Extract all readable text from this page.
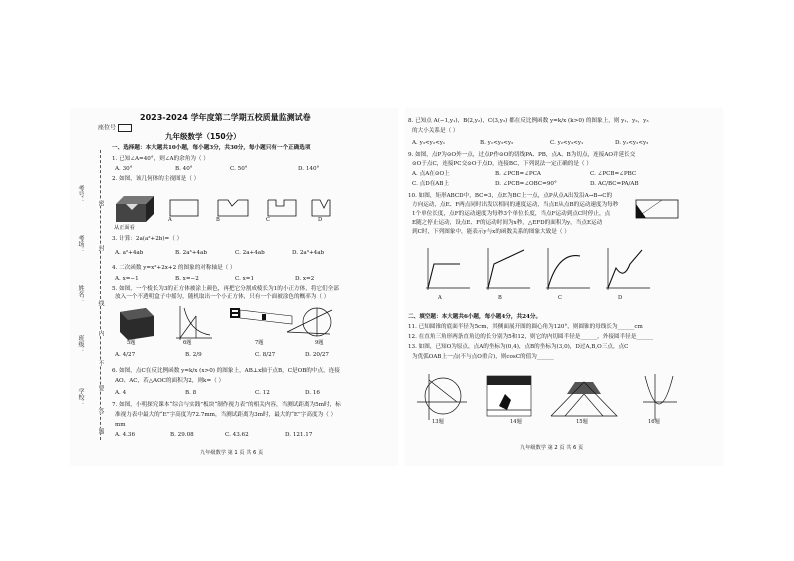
2023-2024 学年度第二学期五校质量监测试卷
座位号
九年级数学（150分）
考号：
考场：
姓名：
班级：
学校：
密
封
线
内
不
要
答
题
一、选择题：本大题共10小题，每小题3分，共30分，每小题只有一个正确选项
1. 已知∠A=40°，则∠A的余角为（ ）
A. 30°	B. 40°	C. 50°	D. 140°
2. 如图，该几何体的主视图是（ ）
从正面看
A	B	C	D
3. 计算：2a(a²+2b)=（ ）
A. a²+4ab	B. 2a³+4ab	C. 2a+4ab	D. 2a³+4ab
4. 二次函数 y=x²+2x+2 的图象的对称轴是（ ）
A. x=−1	B. x=−2	C. x=1	D. x=2
5. 如图，一个棱长为3的正方体被涂上颜色，再把它分割成棱长为1的小正方体，将它们全部
放入一个不透明盒子中摇匀，随机取出一个小正方体，只有一个面被涂色的概率为（ ）
5题	6题	7题	9题
A. 4/27	B. 2/9	C. 8/27	D. 20/27
6. 如图，点C在反比例函数 y=k/x (x>0) 的图象上，AB⊥x轴于点B，C是OB的中点，连接
AO、AC，若△AOC的面积为2，则k=（ ）
A. 4	B. 8	C. 12	D. 16
7. 如图，小明探究课本“综合与实践”板块“制作视力表”的相关内容，当测试距离为5m时，标
准视力表中最大的“E”字高度为72.7mm，当测试距离为3m时，最大的“E”字高度为（ ）
mm
A. 4.36	B. 29.08	C. 43.62	D. 121.17
九年级数学 第 1 页 共 6 页
8. 已知点 A(−1,y₁)，B(2,y₂)，C(3,y₃) 都在反比例函数 y=k/x (k>0) 的图象上，则 y₁，y₂，y₃
的大小关系是（ ）
A. y₃<y₂<y₁	B. y₁<y₃<y₂	C. y₂<y₃<y₁	D. y₁<y₂<y₃
9. 如图，点P为⊙O外一点，过点P作⊙O的切线PA、PB，点A、B为切点，连接AO并延长交
⊙O于点C，连接PC交⊙O于点D，连接BC，下列说法一定正确的是（ ）
A. 点A在⊙O上	B. ∠PCB=∠PCA	C. ∠PCB=∠PBC
C. 点D在AB上	D. ∠PCB=∠OBC=90°	D. AC/BC=PA/AB
10. 如图，矩形ABCD中，BC=3，点E为BC上一点，点P从点A出发沿A→B→C的
方向运动，点E、F两点同时出发以相同的速度运动，当点E从点B的运动速度为每秒
1个单位长度，点F的运动速度为每秒3个单位长度，当点F运动到点C时停止，点
E随之停止运动，设点E、F的运动时间为x秒，△EFD的面积为y，当点E运动
到C时，下列图象中，能表示y与x的函数关系的图象大致是（ ）
A	B	C	D
二、填空题：本大题共6小题，每小题4分，共24分。
11. 已知圆锥的底面半径为5cm，其侧面展开图的圆心角为120°，则圆锥的母线长为______cm
12. 在直角三角形两条直角边的长分别为5和12，则它的内切圆半径是______，外接圆半径是______
13. 如图，已知O为原点，点A的坐标为(0,4)，点B的坐标为(3,0)，D过A,B,O三点，点C
为优弧OAB上一点(不与点O重合)，则cosC的值为______
13题	14题	15题	16题
九年级数学 第 2 页 共 6 页
